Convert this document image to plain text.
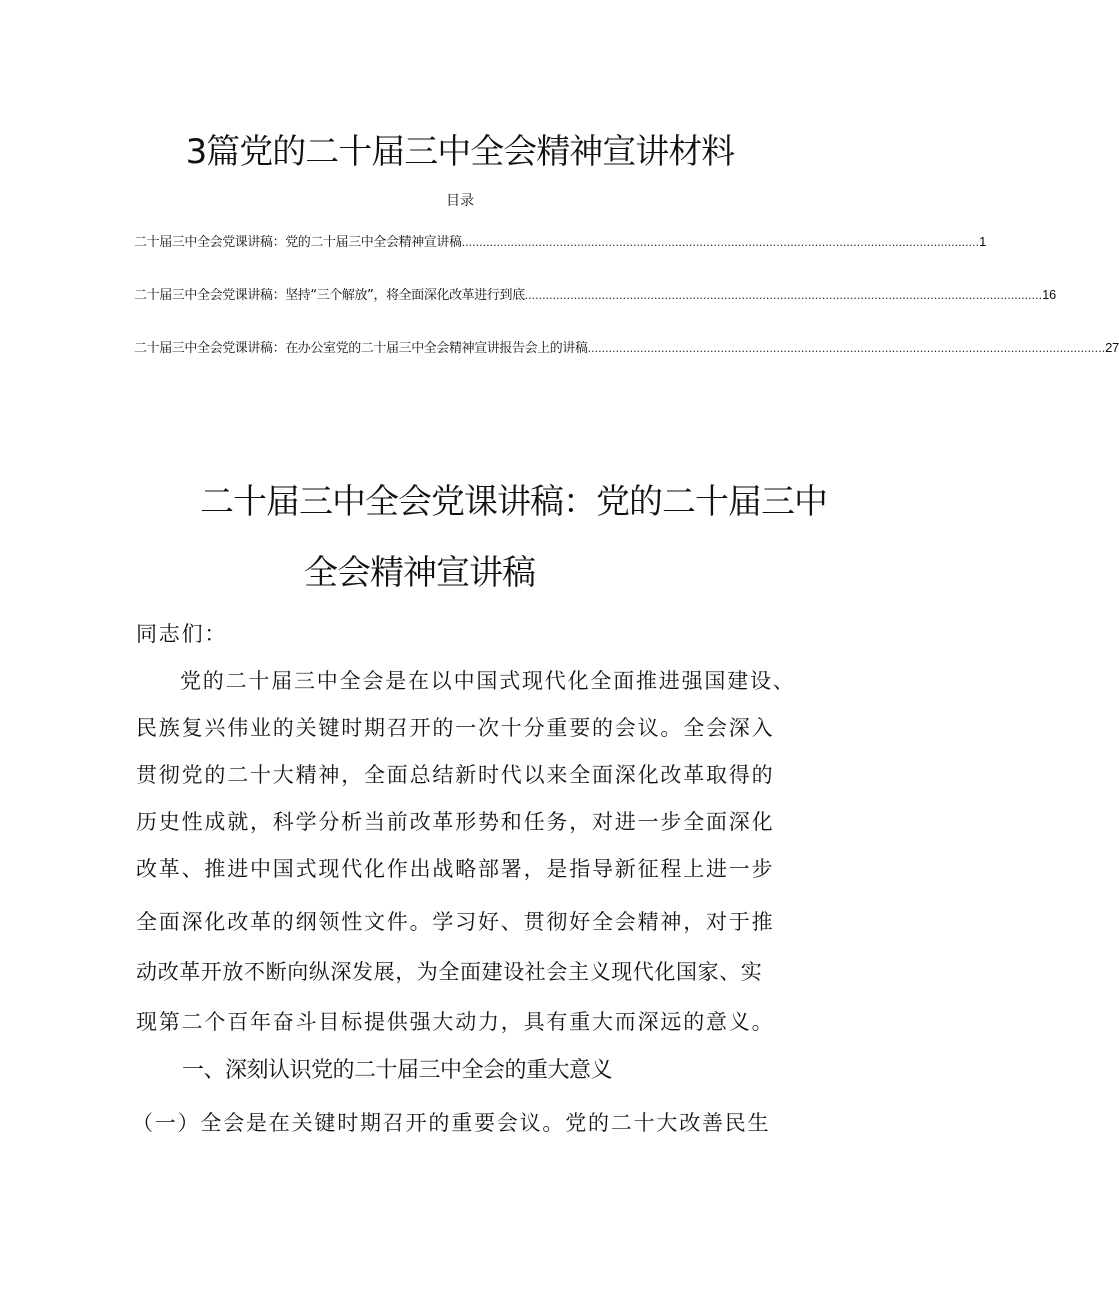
3篇党的二十届三中全会精神宣讲材料
目录
二十届三中全会党课讲稿：党的二十届三中全会精神宣讲稿 .................................................................................................................................................... 1
二十届三中全会党课讲稿：坚持“三个解放”，将全面深化改革进行到底 .................................................................................................................................................... 16
二十届三中全会党课讲稿：在办公室党的二十届三中全会精神宣讲报告会上的讲稿 .................................................................................................................................................... 27
二十届三中全会党课讲稿：党的二十届三中
全会精神宣讲稿
同志们：
党的二十届三中全会是在以中国式现代化全面推进强国建设、
民族复兴伟业的关键时期召开的一次十分重要的会议。全会深入
贯彻党的二十大精神，全面总结新时代以来全面深化改革取得的
历史性成就，科学分析当前改革形势和任务，对进一步全面深化
改革、推进中国式现代化作出战略部署，是指导新征程上进一步
全面深化改革的纲领性文件。学习好、贯彻好全会精神，对于推
动改革开放不断向纵深发展，为全面建设社会主义现代化国家、实
现第二个百年奋斗目标提供强大动力，具有重大而深远的意义。
一、深刻认识党的二十届三中全会的重大意义
（一）全会是在关键时期召开的重要会议。党的二十大改善民生
